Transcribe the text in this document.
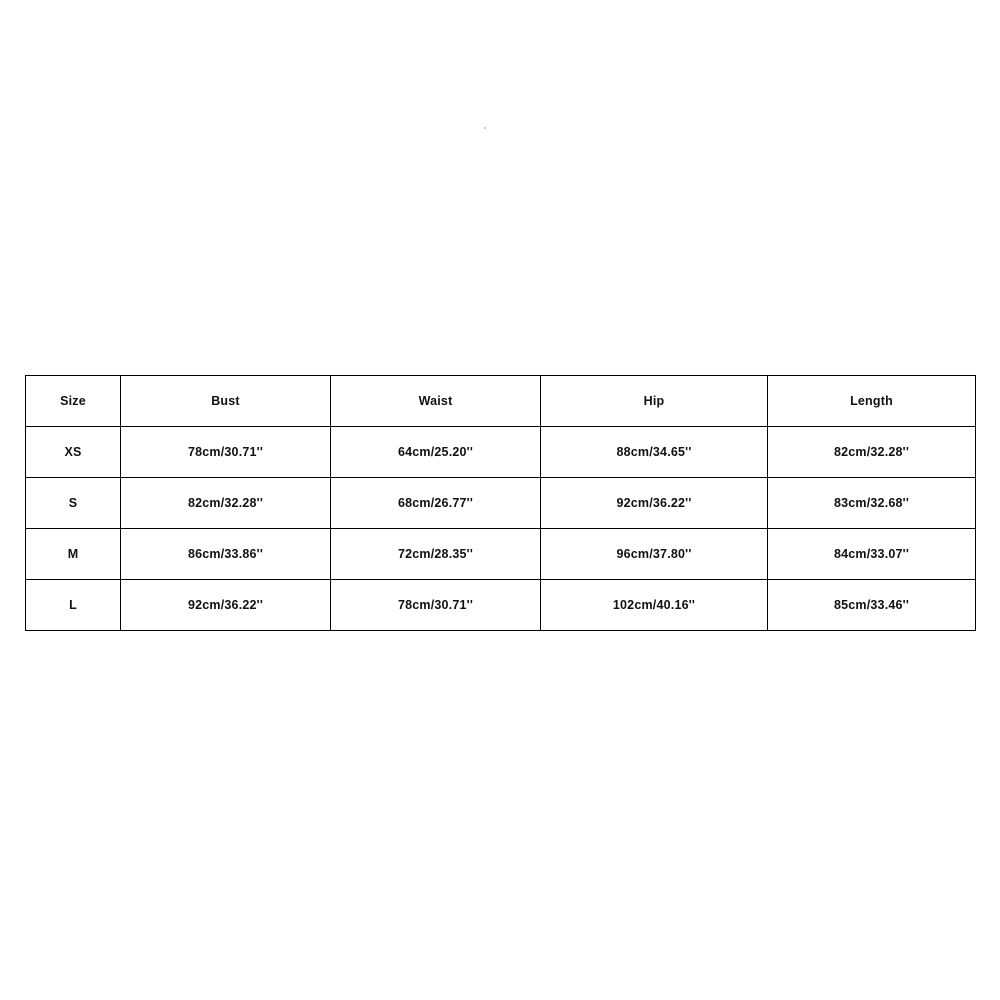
Size	Bust	Waist	Hip	Length
XS	78cm/30.71''	64cm/25.20''	88cm/34.65''	82cm/32.28''
S	82cm/32.28''	68cm/26.77''	92cm/36.22''	83cm/32.68''
M	86cm/33.86''	72cm/28.35''	96cm/37.80''	84cm/33.07''
L	92cm/36.22''	78cm/30.71''	102cm/40.16''	85cm/33.46''
